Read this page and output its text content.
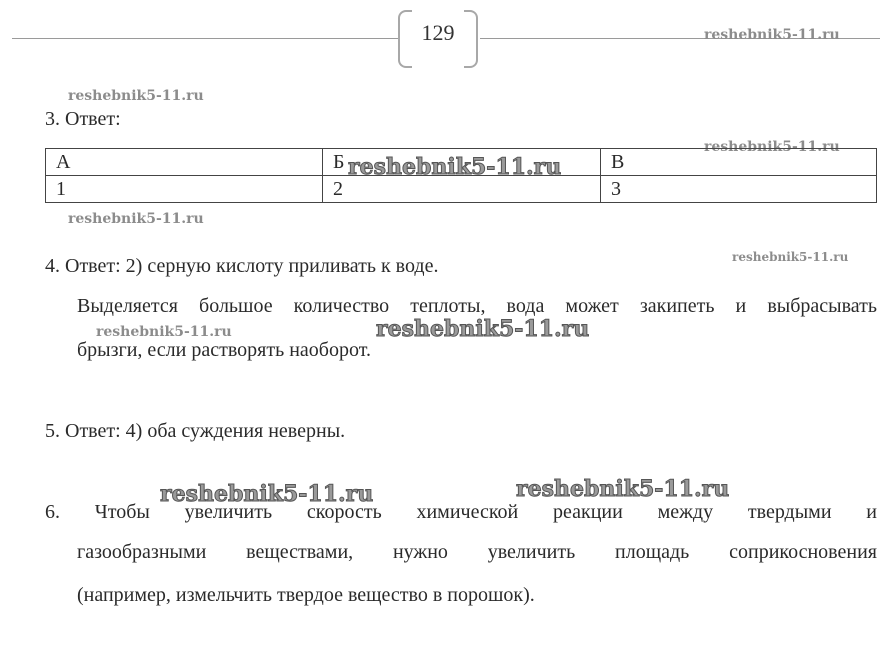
129	reshebnik5-11.ru
reshebnik5-11.ru
3. Ответ:
reshebnik5-11.ru
А	Б	В
1	2	3
reshebnik5-11.ru
reshebnik5-11.ru
4. Ответ: 2) серную кислоту приливать к воде.	reshebnik5-11.ru
Выделяется большое количество теплоты, вода может закипеть и выбрасывать
reshebnik5-11.ru	reshebnik5-11.ru
брызги, если растворять наоборот.
5. Ответ: 4) оба суждения неверны.
reshebnik5-11.ru	reshebnik5-11.ru
6. Чтобы увеличить скорость химической реакции между твердыми и
газообразными веществами, нужно увеличить площадь соприкосновения
(например, измельчить твердое вещество в порошок).
